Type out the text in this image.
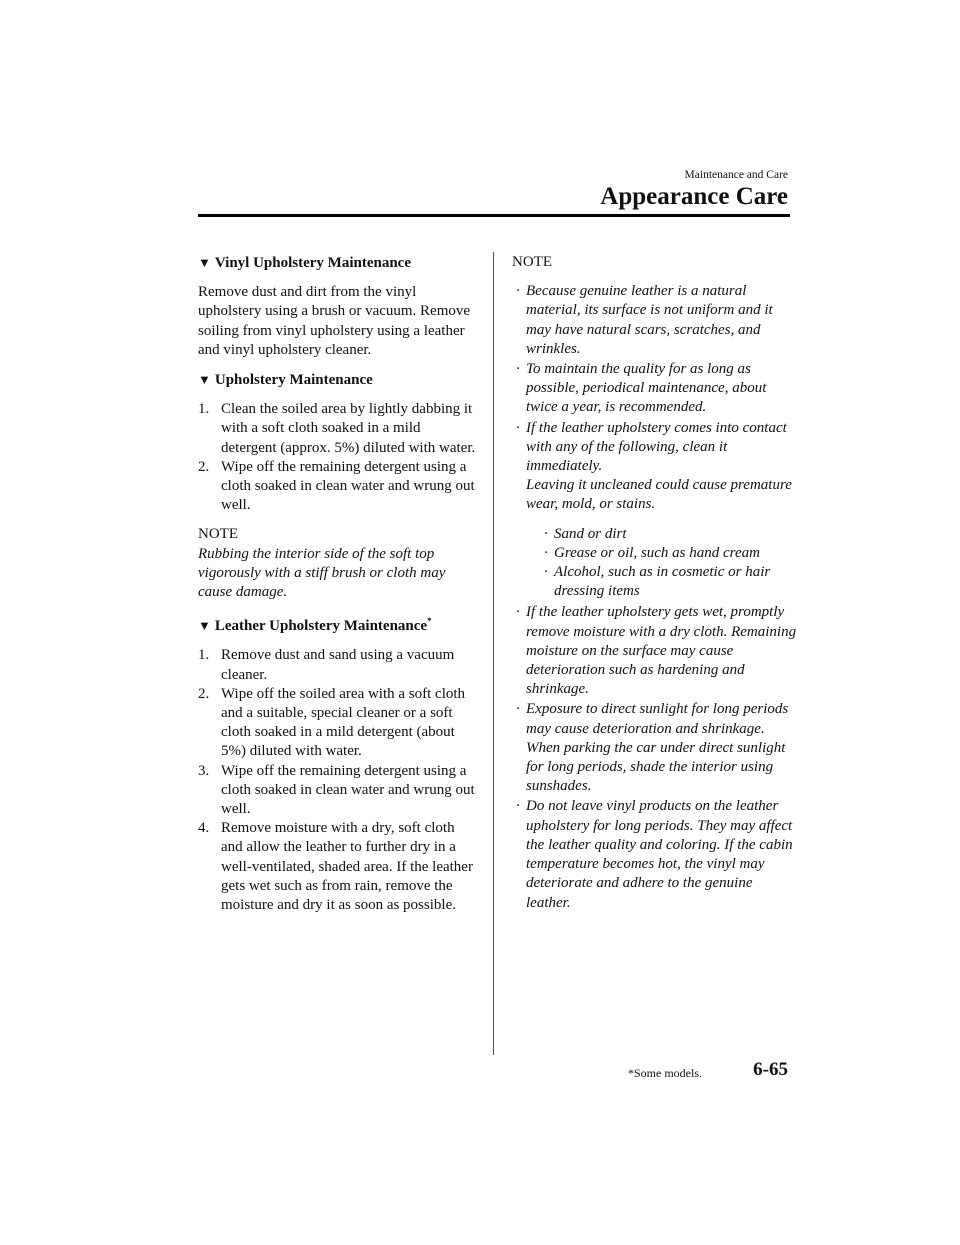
Maintenance and Care
Appearance Care
▼ Vinyl Upholstery Maintenance

Remove dust and dirt from the vinyl upholstery using a brush or vacuum. Remove soiling from vinyl upholstery using a leather and vinyl upholstery cleaner.

▼ Upholstery Maintenance
1. Clean the soiled area by lightly dabbing it with a soft cloth soaked in a mild detergent (approx. 5%) diluted with water.
2. Wipe off the remaining detergent using a cloth soaked in clean water and wrung out well.
NOTE
Rubbing the interior side of the soft top vigorously with a stiff brush or cloth may cause damage.
▼ Leather Upholstery Maintenance*
1. Remove dust and sand using a vacuum cleaner.
2. Wipe off the soiled area with a soft cloth and a suitable, special cleaner or a soft cloth soaked in a mild detergent (about 5%) diluted with water.
3. Wipe off the remaining detergent using a cloth soaked in clean water and wrung out well.
4. Remove moisture with a dry, soft cloth and allow the leather to further dry in a well-ventilated, shaded area. If the leather gets wet such as from rain, remove the moisture and dry it as soon as possible.

NOTE

· Because genuine leather is a natural material, its surface is not uniform and it may have natural scars, scratches, and wrinkles.
· To maintain the quality for as long as possible, periodical maintenance, about twice a year, is recommended.
· If the leather upholstery comes into contact with any of the following, clean it immediately.
Leaving it uncleaned could cause premature wear, mold, or stains.
· Sand or dirt
· Grease or oil, such as hand cream
· Alcohol, such as in cosmetic or hair dressing items
· If the leather upholstery gets wet, promptly remove moisture with a dry cloth. Remaining moisture on the surface may cause deterioration such as hardening and shrinkage.
· Exposure to direct sunlight for long periods may cause deterioration and shrinkage. When parking the car under direct sunlight for long periods, shade the interior using sunshades.
· Do not leave vinyl products on the leather upholstery for long periods. They may affect the leather quality and coloring. If the cabin temperature becomes hot, the vinyl may deteriorate and adhere to the genuine leather.
*Some models.	6-65
